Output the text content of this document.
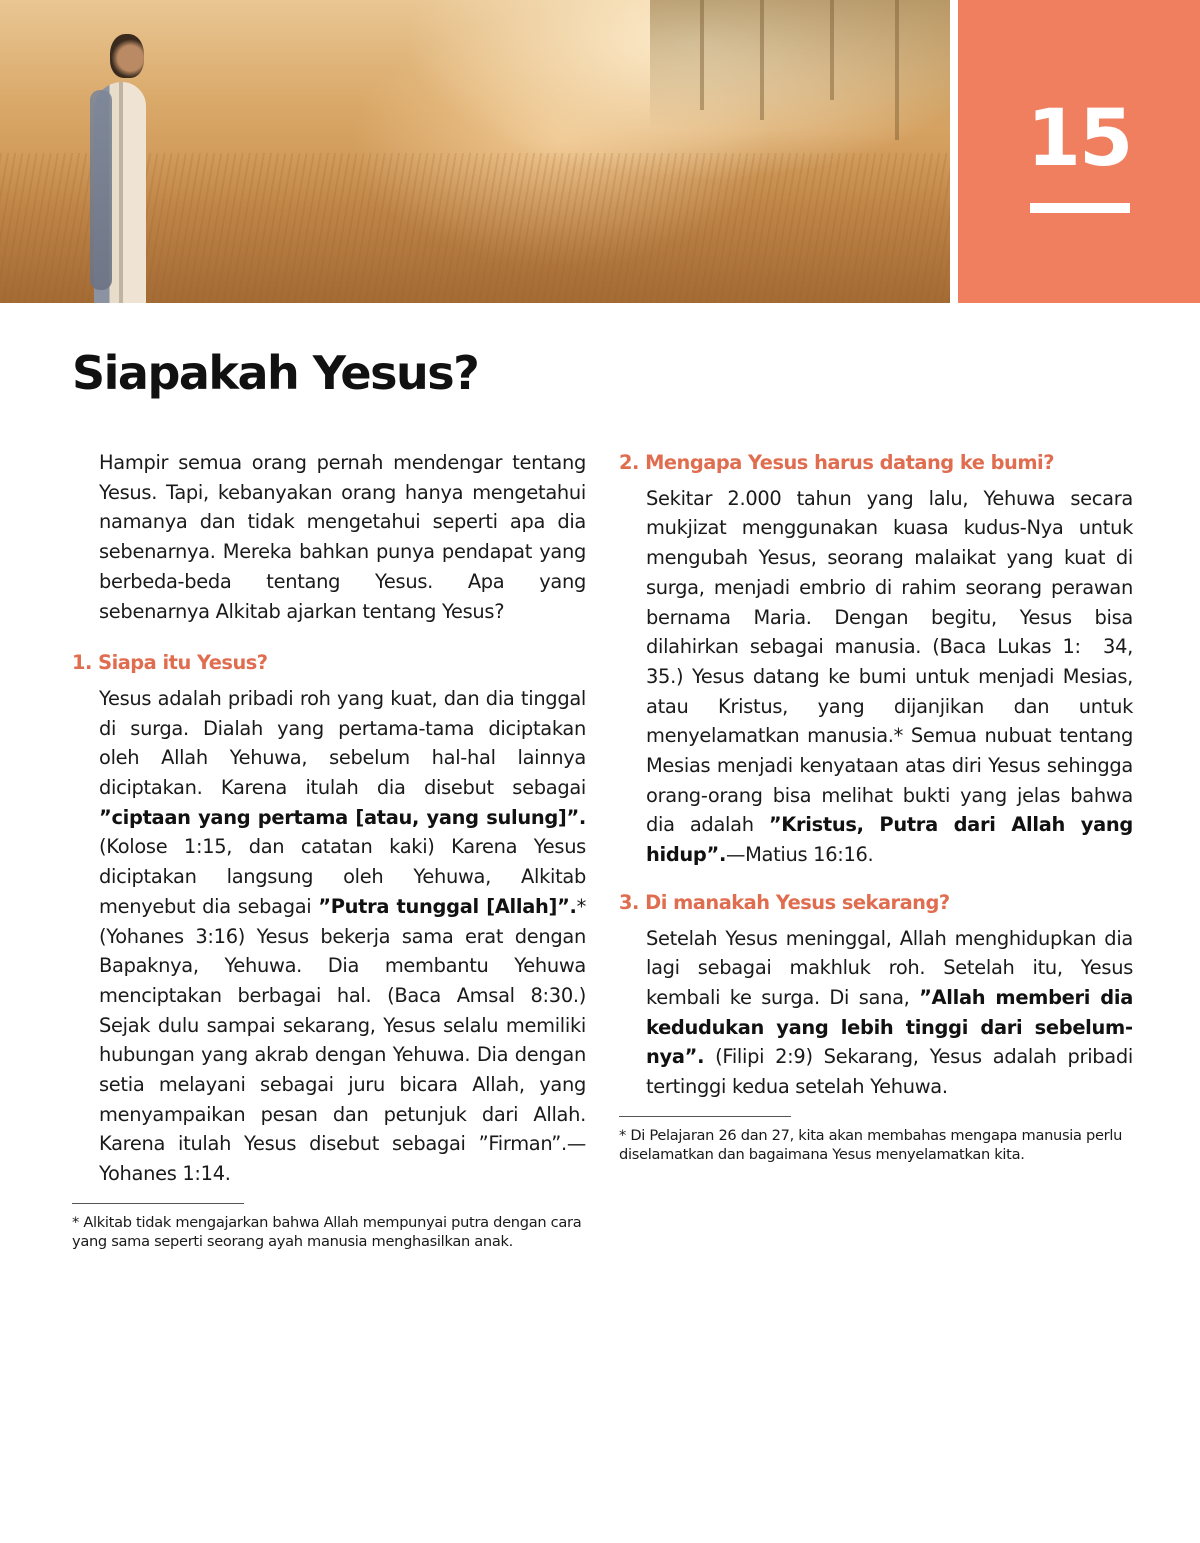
15
Siapakah Yesus?

Hampir semua orang pernah mendengar tentang Yesus. Tapi, kebanyakan orang hanya mengetahui namanya dan tidak mengetahui seperti apa dia sebenarnya. Mereka bahkan punya pendapat yang berbeda-beda tentang Yesus. Apa yang sebenarnya Alkitab ajarkan tentang Yesus?

1. Siapa itu Yesus?

Yesus adalah pribadi roh yang kuat, dan dia tinggal di surga. Dialah yang pertama-tama diciptakan oleh Allah Yehuwa, sebelum hal-hal lainnya diciptakan. Karena itulah dia disebut sebagai ”ciptaan yang pertama [atau, yang sulung]”. (Kolose 1:15, dan catatan kaki) Karena Yesus diciptakan langsung oleh Yehuwa, Alkitab menyebut dia sebagai ”Putra tunggal [Allah]”.* (Yohanes 3:16) Yesus bekerja sama erat dengan Bapaknya, Yehuwa. Dia membantu Yehuwa menciptakan berbagai hal. (Baca Amsal 8:30.) Sejak dulu sampai sekarang, Yesus selalu memiliki hubungan yang akrab dengan Yehuwa. Dia dengan setia melayani sebagai juru bicara Allah, yang menyampaikan pesan dan petunjuk dari Allah. Karena itulah Yesus disebut sebagai ”Firman”.—Yohanes 1:14.

* Alkitab tidak mengajarkan bahwa Allah mempunyai putra dengan cara yang sama seperti seorang ayah manusia menghasilkan anak.

2. Mengapa Yesus harus datang ke bumi?

Sekitar 2.000 tahun yang lalu, Yehuwa secara mukjizat menggunakan kuasa kudus-Nya untuk mengubah Yesus, seorang malaikat yang kuat di surga, menjadi embrio di rahim seorang perawan bernama Maria. Dengan begitu, Yesus bisa dilahirkan sebagai manusia. (Baca Lukas 1:  34, 35.) Yesus datang ke bumi untuk menjadi Mesias, atau Kristus, yang dijanjikan dan untuk menyelamatkan manusia.* Semua nubuat tentang Mesias menjadi kenyataan atas diri Yesus sehingga orang-orang bisa melihat bukti yang jelas bahwa dia adalah ”Kristus, Putra dari Allah yang hidup”.—Matius 16:16.

3. Di manakah Yesus sekarang?

Setelah Yesus meninggal, Allah menghidupkan dia lagi sebagai makhluk roh. Setelah itu, Yesus kembali ke surga. Di sana, ”Allah memberi dia kedudukan yang lebih tinggi dari sebelumnya”. (Filipi 2:9) Sekarang, Yesus adalah pribadi tertinggi kedua setelah Yehuwa.

* Di Pelajaran 26 dan 27, kita akan membahas mengapa manusia perlu diselamatkan dan bagaimana Yesus menyelamatkan kita.
